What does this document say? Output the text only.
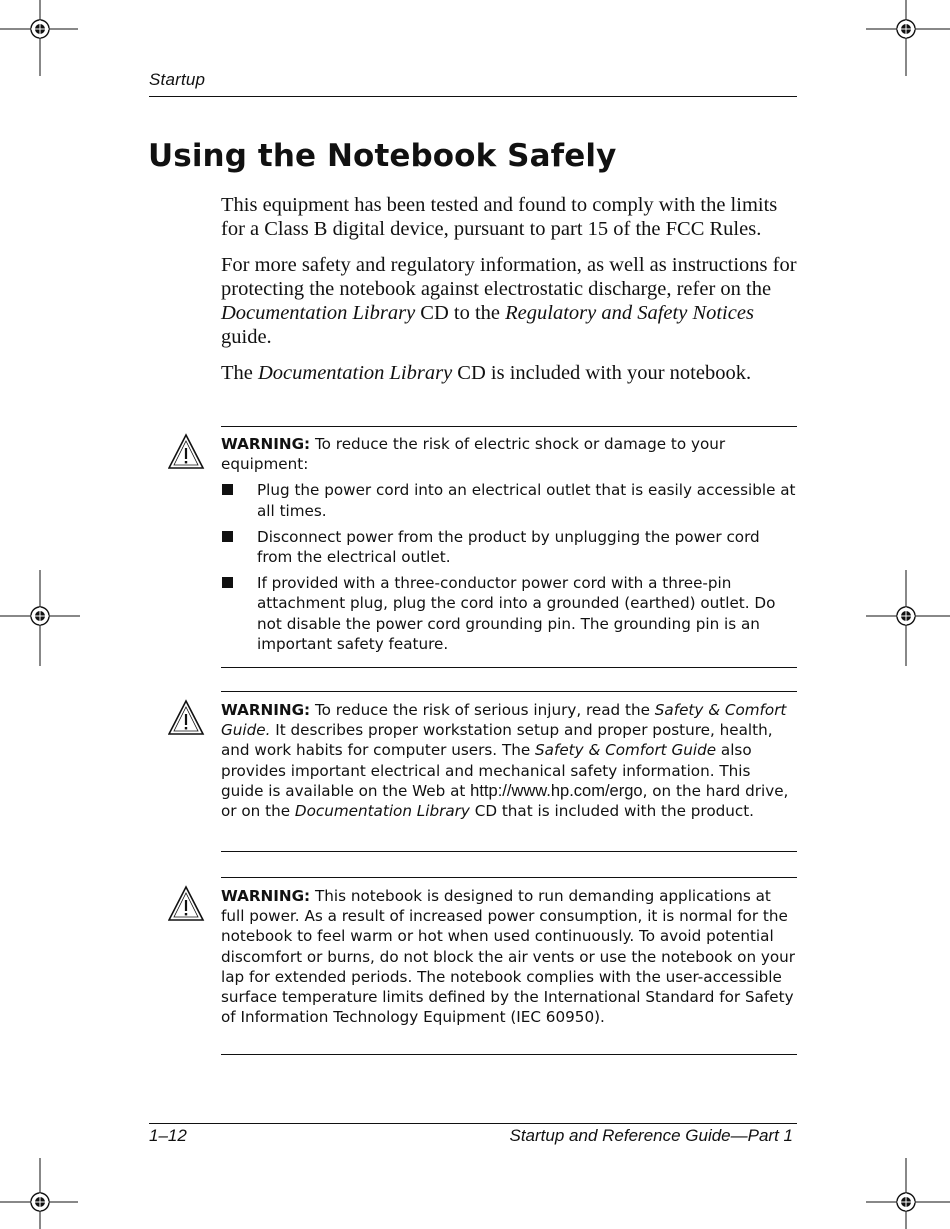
Startup
Using the Notebook Safely

This equipment has been tested and found to comply with the limits for a Class B digital device, pursuant to part 15 of the FCC Rules.

For more safety and regulatory information, as well as instructions for protecting the notebook against electrostatic discharge, refer on the Documentation Library CD to the Regulatory and Safety Notices guide.

The Documentation Library CD is included with your notebook.

WARNING: To reduce the risk of electric shock or damage to your equipment:
Plug the power cord into an electrical outlet that is easily accessible at all times.
Disconnect power from the product by unplugging the power cord from the electrical outlet.
If provided with a three-conductor power cord with a three-pin attachment plug, plug the cord into a grounded (earthed) outlet. Do not disable the power cord grounding pin. The grounding pin is an important safety feature.
WARNING: To reduce the risk of serious injury, read the Safety & Comfort Guide. It describes proper workstation setup and proper posture, health, and work habits for computer users. The Safety & Comfort Guide also provides important electrical and mechanical safety information. This guide is available on the Web at http://www.hp.com/ergo, on the hard drive, or on the Documentation Library CD that is included with the product.
WARNING: This notebook is designed to run demanding applications at full power. As a result of increased power consumption, it is normal for the notebook to feel warm or hot when used continuously. To avoid potential discomfort or burns, do not block the air vents or use the notebook on your lap for extended periods. The notebook complies with the user-accessible surface temperature limits defined by the International Standard for Safety of Information Technology Equipment (IEC 60950).
1–12	Startup and Reference Guide—Part 1
